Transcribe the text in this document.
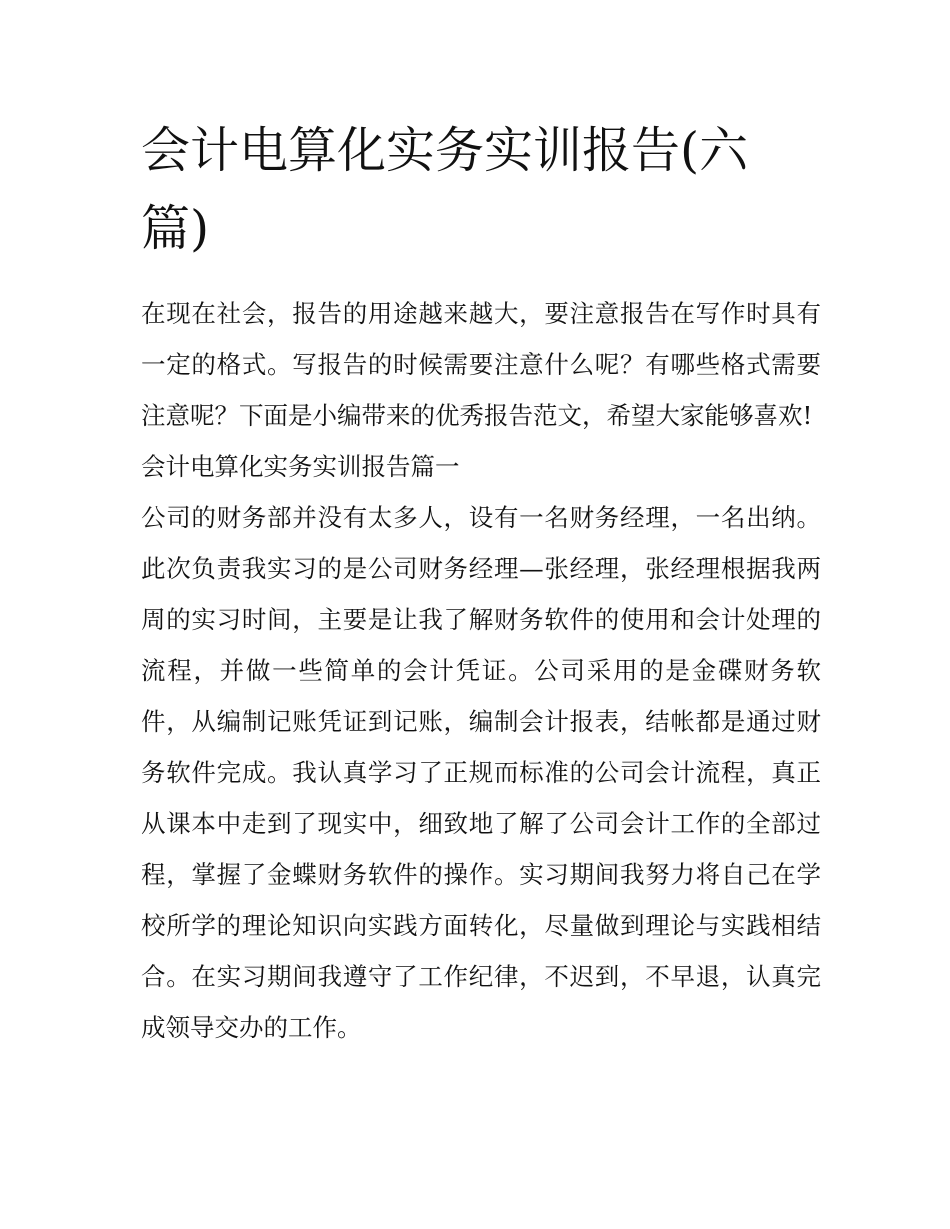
会计电算化实务实训报告(六篇)

在现在社会，报告的用途越来越大，要注意报告在写作时具有一定的格式。写报告的时候需要注意什么呢？有哪些格式需要注意呢？下面是小编带来的优秀报告范文，希望大家能够喜欢!

会计电算化实务实训报告篇一

公司的财务部并没有太多人，设有一名财务经理，一名出纳。此次负责我实习的是公司财务经理—张经理，张经理根据我两周的实习时间，主要是让我了解财务软件的使用和会计处理的流程，并做一些简单的会计凭证。公司采用的是金碟财务软件，从编制记账凭证到记账，编制会计报表，结帐都是通过财务软件完成。我认真学习了正规而标准的公司会计流程，真正从课本中走到了现实中，细致地了解了公司会计工作的全部过程，掌握了金蝶财务软件的操作。实习期间我努力将自己在学校所学的理论知识向实践方面转化，尽量做到理论与实践相结合。在实习期间我遵守了工作纪律，不迟到，不早退，认真完成领导交办的工作。
